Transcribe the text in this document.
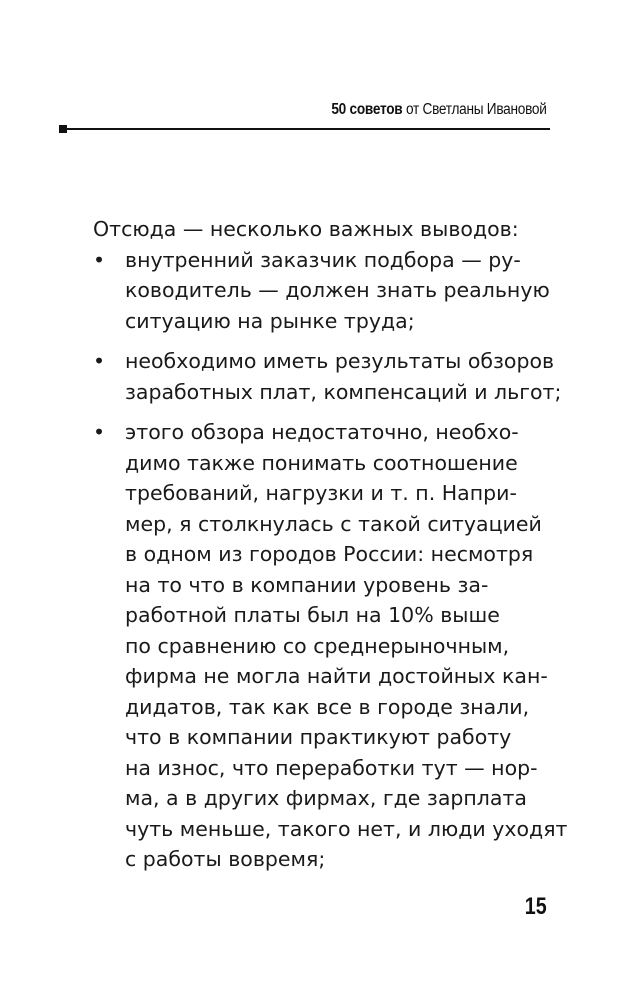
50 советов от Светланы Ивановой

Отсюда — несколько важных выводов:

• внутренний заказчик подбора — ру-
ководитель — должен знать реальную
ситуацию на рынке труда;
• необходимо иметь результаты обзоров
заработных плат, компенсаций и льгот;
• этого обзора недостаточно, необхо-
димо также понимать соотношение
требований, нагрузки и т. п. Напри-
мер, я столкнулась с такой ситуацией
в одном из городов России: несмотря
на то что в компании уровень за-
работной платы был на 10% выше
по сравнению со среднерыночным,
фирма не могла найти достойных кан-
дидатов, так как все в городе знали,
что в компании практикуют работу
на износ, что переработки тут — нор-
ма, а в других фирмах, где зарплата
чуть меньше, такого нет, и люди уходят
с работы вовремя;
15
